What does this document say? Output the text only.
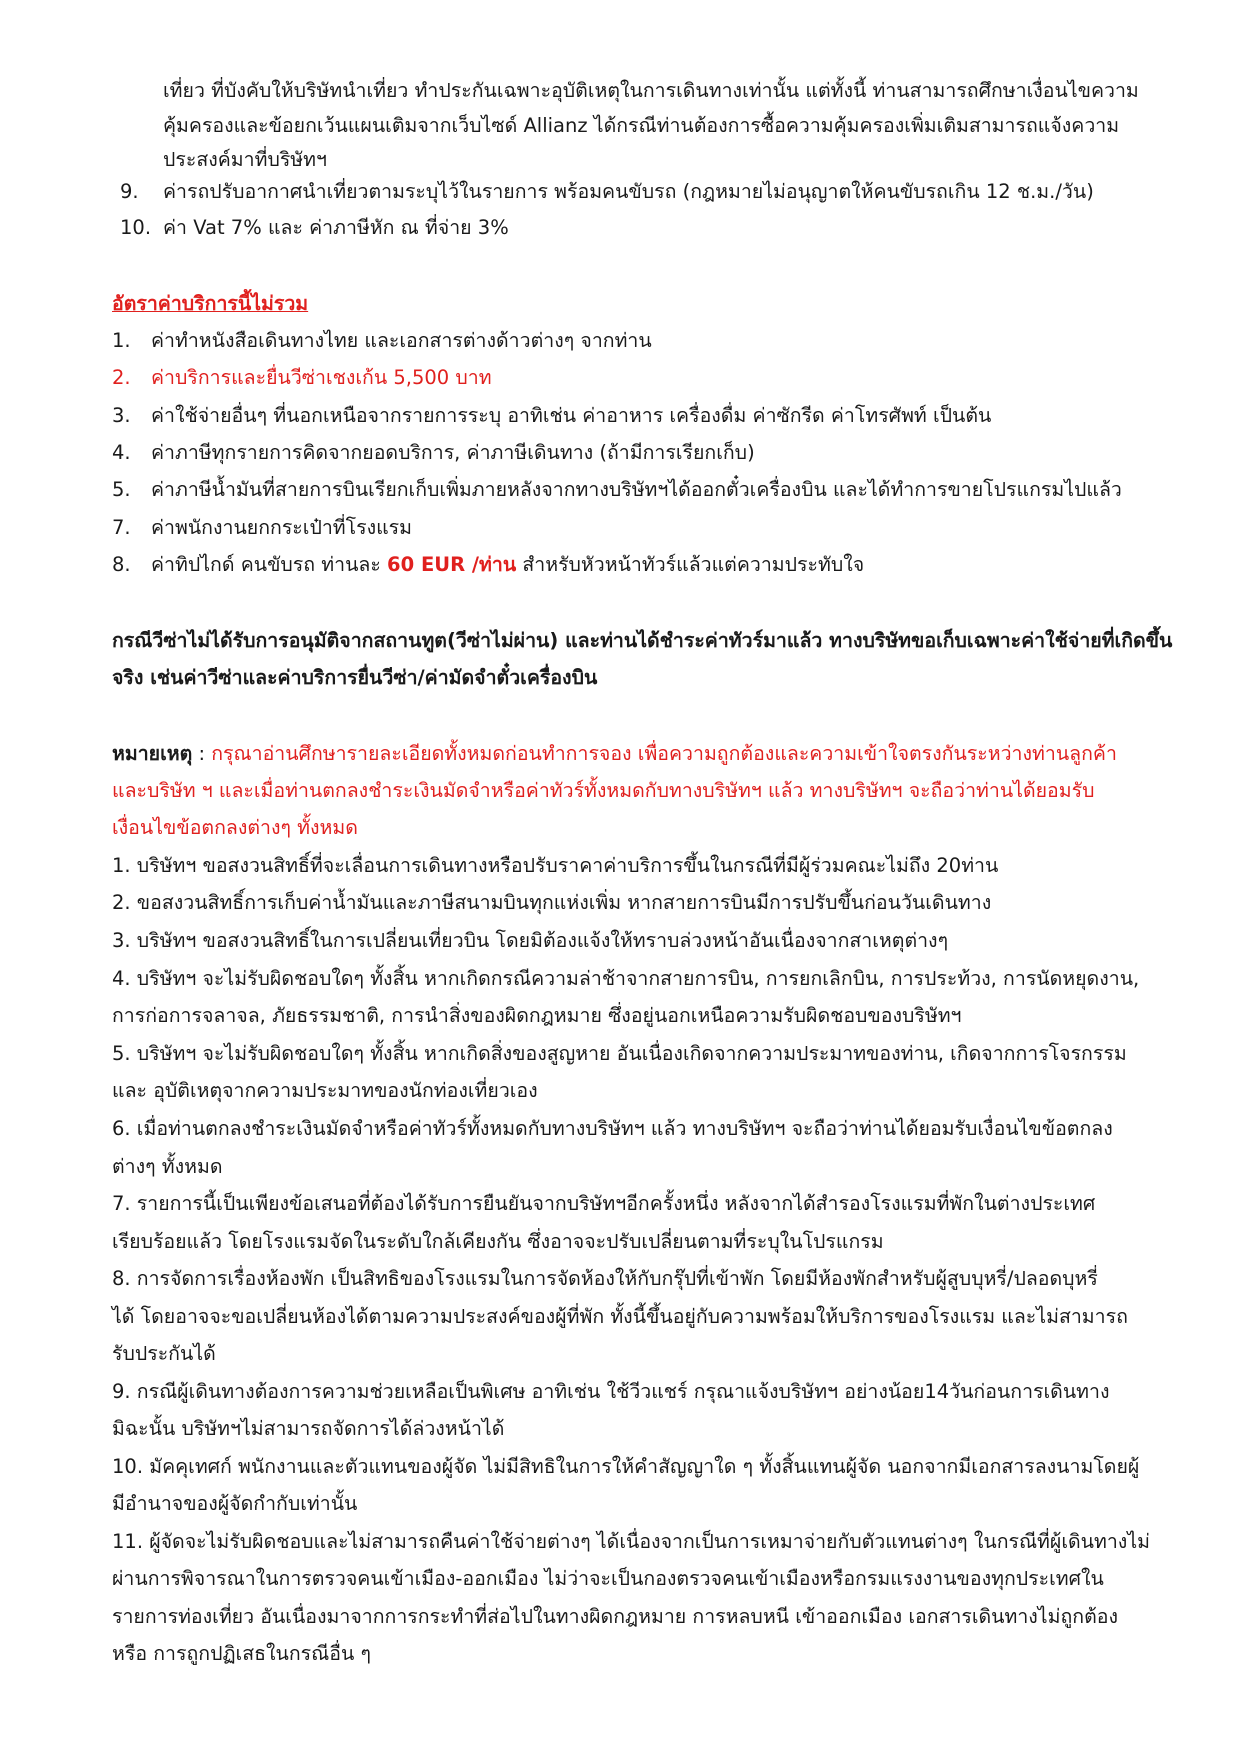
เที่ยว ที่บังคับให้บริษัทนำเที่ยว ทำประกันเฉพาะอุบัติเหตุในการเดินทางเท่านั้น แต่ทั้งนี้ ท่านสามารถศึกษาเงื่อนไขความ
คุ้มครองและข้อยกเว้นแผนเติมจากเว็บไซด์ Allianz ได้กรณีท่านต้องการซื้อความคุ้มครองเพิ่มเติมสามารถแจ้งความ
ประสงค์มาที่บริษัทฯ
9. ค่ารถปรับอากาศนำเที่ยวตามระบุไว้ในรายการ พร้อมคนขับรถ (กฎหมายไม่อนุญาตให้คนขับรถเกิน 12 ช.ม./วัน)
10. ค่า Vat 7% และ ค่าภาษีหัก ณ ที่จ่าย 3%
อัตราค่าบริการนี้ไม่รวม
1. ค่าทำหนังสือเดินทางไทย และเอกสารต่างด้าวต่างๆ จากท่าน
2. ค่าบริการและยื่นวีซ่าเชงเก้น 5,500 บาท
3. ค่าใช้จ่ายอื่นๆ ที่นอกเหนือจากรายการระบุ อาทิเช่น ค่าอาหาร เครื่องดื่ม ค่าซักรีด ค่าโทรศัพท์ เป็นต้น
4. ค่าภาษีทุกรายการคิดจากยอดบริการ, ค่าภาษีเดินทาง (ถ้ามีการเรียกเก็บ)
5. ค่าภาษีน้ำมันที่สายการบินเรียกเก็บเพิ่มภายหลังจากทางบริษัทฯได้ออกตั๋วเครื่องบิน และได้ทำการขายโปรแกรมไปแล้ว
7. ค่าพนักงานยกกระเป๋าที่โรงแรม
8. ค่าทิปไกด์ คนขับรถ ท่านละ 60 EUR /ท่าน สำหรับหัวหน้าทัวร์แล้วแต่ความประทับใจ
กรณีวีซ่าไม่ได้รับการอนุมัติจากสถานทูต(วีซ่าไม่ผ่าน) และท่านได้ชำระค่าทัวร์มาแล้ว ทางบริษัทขอเก็บเฉพาะค่าใช้จ่ายที่เกิดขึ้น
จริง เช่นค่าวีซ่าและค่าบริการยื่นวีซ่า/ค่ามัดจำตั๋วเครื่องบิน
หมายเหตุ : กรุณาอ่านศึกษารายละเอียดทั้งหมดก่อนทำการจอง เพื่อความถูกต้องและความเข้าใจตรงกันระหว่างท่านลูกค้า
และบริษัท ฯ และเมื่อท่านตกลงชำระเงินมัดจำหรือค่าทัวร์ทั้งหมดกับทางบริษัทฯ แล้ว ทางบริษัทฯ จะถือว่าท่านได้ยอมรับ
เงื่อนไขข้อตกลงต่างๆ ทั้งหมด
1. บริษัทฯ ขอสงวนสิทธิ์ที่จะเลื่อนการเดินทางหรือปรับราคาค่าบริการขึ้นในกรณีที่มีผู้ร่วมคณะไม่ถึง 20ท่าน
2. ขอสงวนสิทธิ์การเก็บค่าน้ำมันและภาษีสนามบินทุกแห่งเพิ่ม หากสายการบินมีการปรับขึ้นก่อนวันเดินทาง
3. บริษัทฯ ขอสงวนสิทธิ์ในการเปลี่ยนเที่ยวบิน โดยมิต้องแจ้งให้ทราบล่วงหน้าอันเนื่องจากสาเหตุต่างๆ
4. บริษัทฯ จะไม่รับผิดชอบใดๆ ทั้งสิ้น หากเกิดกรณีความล่าช้าจากสายการบิน, การยกเลิกบิน, การประท้วง, การนัดหยุดงาน,
การก่อการจลาจล, ภัยธรรมชาติ, การนำสิ่งของผิดกฎหมาย ซึ่งอยู่นอกเหนือความรับผิดชอบของบริษัทฯ
5. บริษัทฯ จะไม่รับผิดชอบใดๆ ทั้งสิ้น หากเกิดสิ่งของสูญหาย อันเนื่องเกิดจากความประมาทของท่าน, เกิดจากการโจรกรรม
และ อุบัติเหตุจากความประมาทของนักท่องเที่ยวเอง
6. เมื่อท่านตกลงชำระเงินมัดจำหรือค่าทัวร์ทั้งหมดกับทางบริษัทฯ แล้ว ทางบริษัทฯ จะถือว่าท่านได้ยอมรับเงื่อนไขข้อตกลง
ต่างๆ ทั้งหมด
7. รายการนี้เป็นเพียงข้อเสนอที่ต้องได้รับการยืนยันจากบริษัทฯอีกครั้งหนึ่ง หลังจากได้สำรองโรงแรมที่พักในต่างประเทศ
เรียบร้อยแล้ว โดยโรงแรมจัดในระดับใกล้เคียงกัน ซึ่งอาจจะปรับเปลี่ยนตามที่ระบุในโปรแกรม
8. การจัดการเรื่องห้องพัก เป็นสิทธิของโรงแรมในการจัดห้องให้กับกรุ๊ปที่เข้าพัก โดยมีห้องพักสำหรับผู้สูบบุหรี่/ปลอดบุหรี่
ได้ โดยอาจจะขอเปลี่ยนห้องได้ตามความประสงค์ของผู้ที่พัก ทั้งนี้ขึ้นอยู่กับความพร้อมให้บริการของโรงแรม และไม่สามารถ
รับประกันได้
9. กรณีผู้เดินทางต้องการความช่วยเหลือเป็นพิเศษ อาทิเช่น ใช้วีวแชร์ กรุณาแจ้งบริษัทฯ อย่างน้อย14วันก่อนการเดินทาง
มิฉะนั้น บริษัทฯไม่สามารถจัดการได้ล่วงหน้าได้
10. มัคคุเทศก์ พนักงานและตัวแทนของผู้จัด ไม่มีสิทธิในการให้คำสัญญาใด ๆ ทั้งสิ้นแทนผู้จัด นอกจากมีเอกสารลงนามโดยผู้
มีอำนาจของผู้จัดกำกับเท่านั้น
11. ผู้จัดจะไม่รับผิดชอบและไม่สามารถคืนค่าใช้จ่ายต่างๆ ได้เนื่องจากเป็นการเหมาจ่ายกับตัวแทนต่างๆ ในกรณีที่ผู้เดินทางไม่
ผ่านการพิจารณาในการตรวจคนเข้าเมือง-ออกเมือง ไม่ว่าจะเป็นกองตรวจคนเข้าเมืองหรือกรมแรงงานของทุกประเทศใน
รายการท่องเที่ยว อันเนื่องมาจากการกระทำที่ส่อไปในทางผิดกฎหมาย การหลบหนี เข้าออกเมือง เอกสารเดินทางไม่ถูกต้อง
หรือ การถูกปฏิเสธในกรณีอื่น ๆ
